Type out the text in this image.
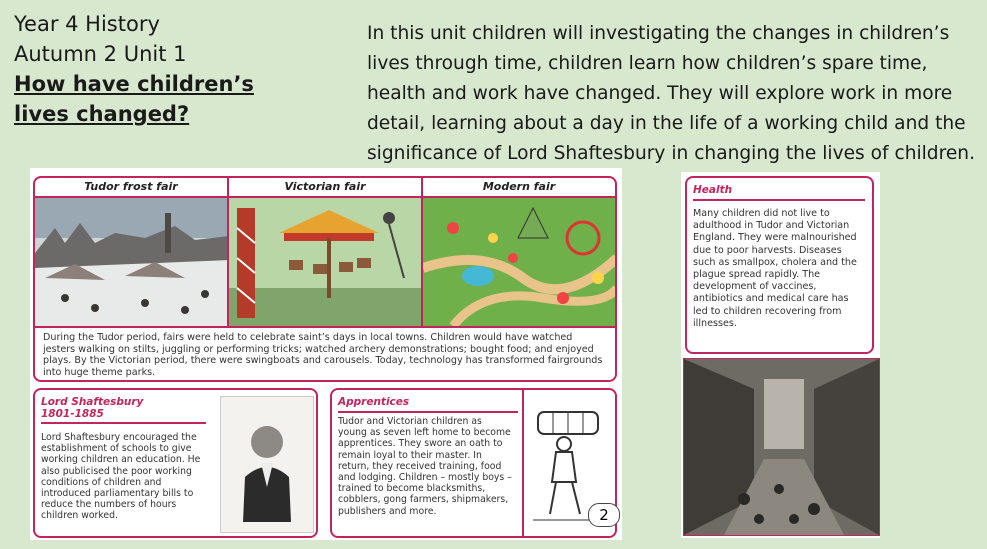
Year 4 History
Autumn 2 Unit 1
How have children’s lives changed?
In this unit children will investigating the changes in children’s lives through time, children learn how children’s spare time, health and work have changed. They will explore work in more detail, learning about a day in the life of a working child and the significance of Lord Shaftesbury in changing the lives of children.
Tudor frost fair	Victorian fair	Modern fair
During the Tudor period, fairs were held to celebrate saint’s days in local towns. Children would have watched jesters walking on stilts, juggling or performing tricks; watched archery demonstrations; bought food; and enjoyed plays. By the Victorian period, there were swingboats and carousels. Today, technology has transformed fairgrounds into huge theme parks.
Lord Shaftesbury
1801-1885
Lord Shaftesbury encouraged the establishment of schools to give working children an education. He also publicised the poor working conditions of children and introduced parliamentary bills to reduce the numbers of hours children worked.
Apprentices
Tudor and Victorian children as young as seven left home to become apprentices. They swore an oath to remain loyal to their master. In return, they received training, food and lodging. Children – mostly boys – trained to become blacksmiths, cobblers, gong farmers, shipmakers, publishers and more.	2
Health
Many children did not live to adulthood in Tudor and Victorian England. They were malnourished due to poor harvests. Diseases such as smallpox, cholera and the plague spread rapidly. The development of vaccines, antibiotics and medical care has led to children recovering from illnesses.
